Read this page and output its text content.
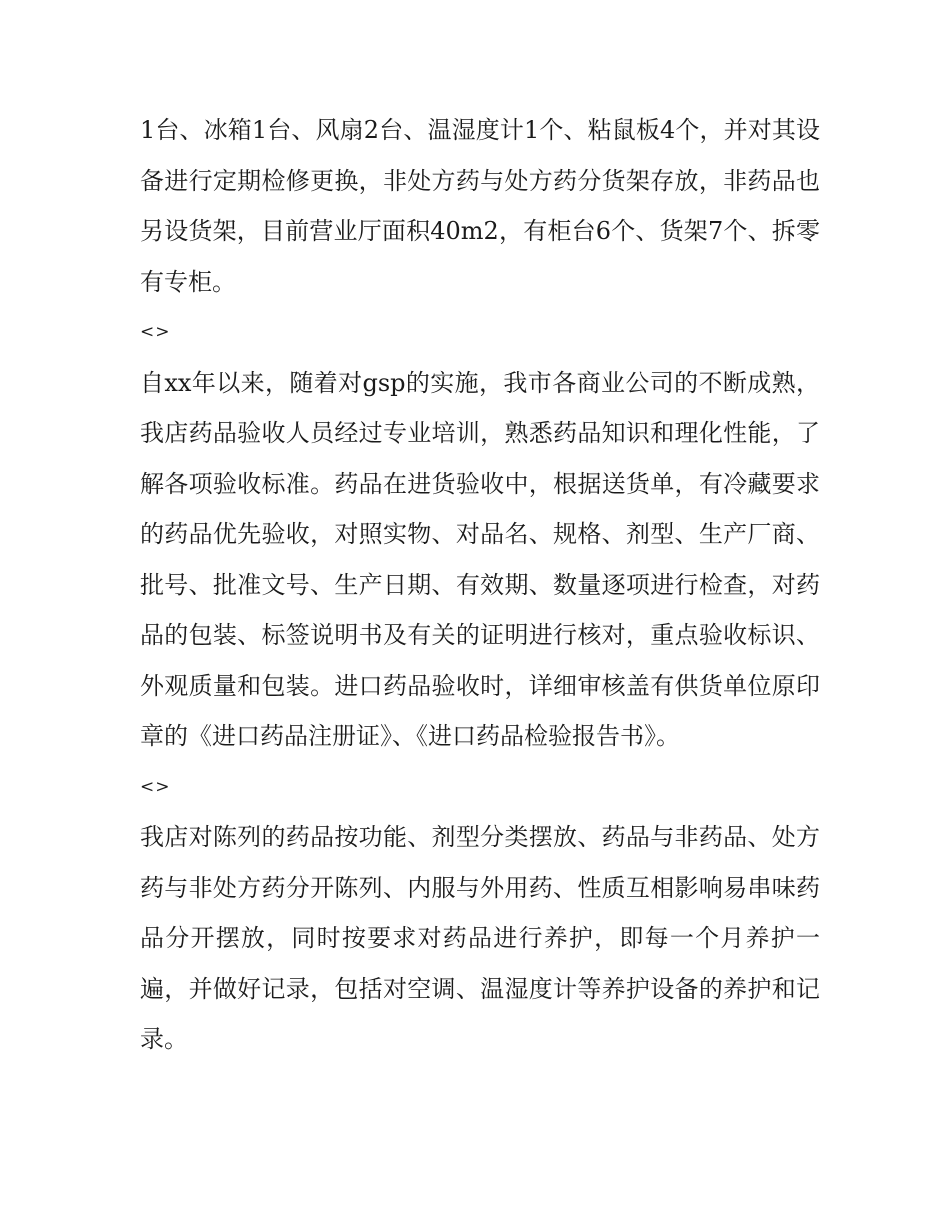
1台、冰箱1台、风扇2台、温湿度计1个、粘鼠板4个，并对其设备进行定期检修更换，非处方药与处方药分货架存放，非药品也另设货架，目前营业厅面积40m2，有柜台6个、货架7个、拆零有专柜。

<>

自xx年以来，随着对gsp的实施，我市各商业公司的不断成熟，我店药品验收人员经过专业培训，熟悉药品知识和理化性能，了解各项验收标准。药品在进货验收中，根据送货单，有冷藏要求的药品优先验收，对照实物、对品名、规格、剂型、生产厂商、批号、批准文号、生产日期、有效期、数量逐项进行检查，对药品的包装、标签说明书及有关的证明进行核对，重点验收标识、外观质量和包装。进口药品验收时，详细审核盖有供货单位原印章的《进口药品注册证》、《进口药品检验报告书》。

<>

我店对陈列的药品按功能、剂型分类摆放、药品与非药品、处方药与非处方药分开陈列、内服与外用药、性质互相影响易串味药品分开摆放，同时按要求对药品进行养护，即每一个月养护一遍，并做好记录，包括对空调、温湿度计等养护设备的养护和记录。
